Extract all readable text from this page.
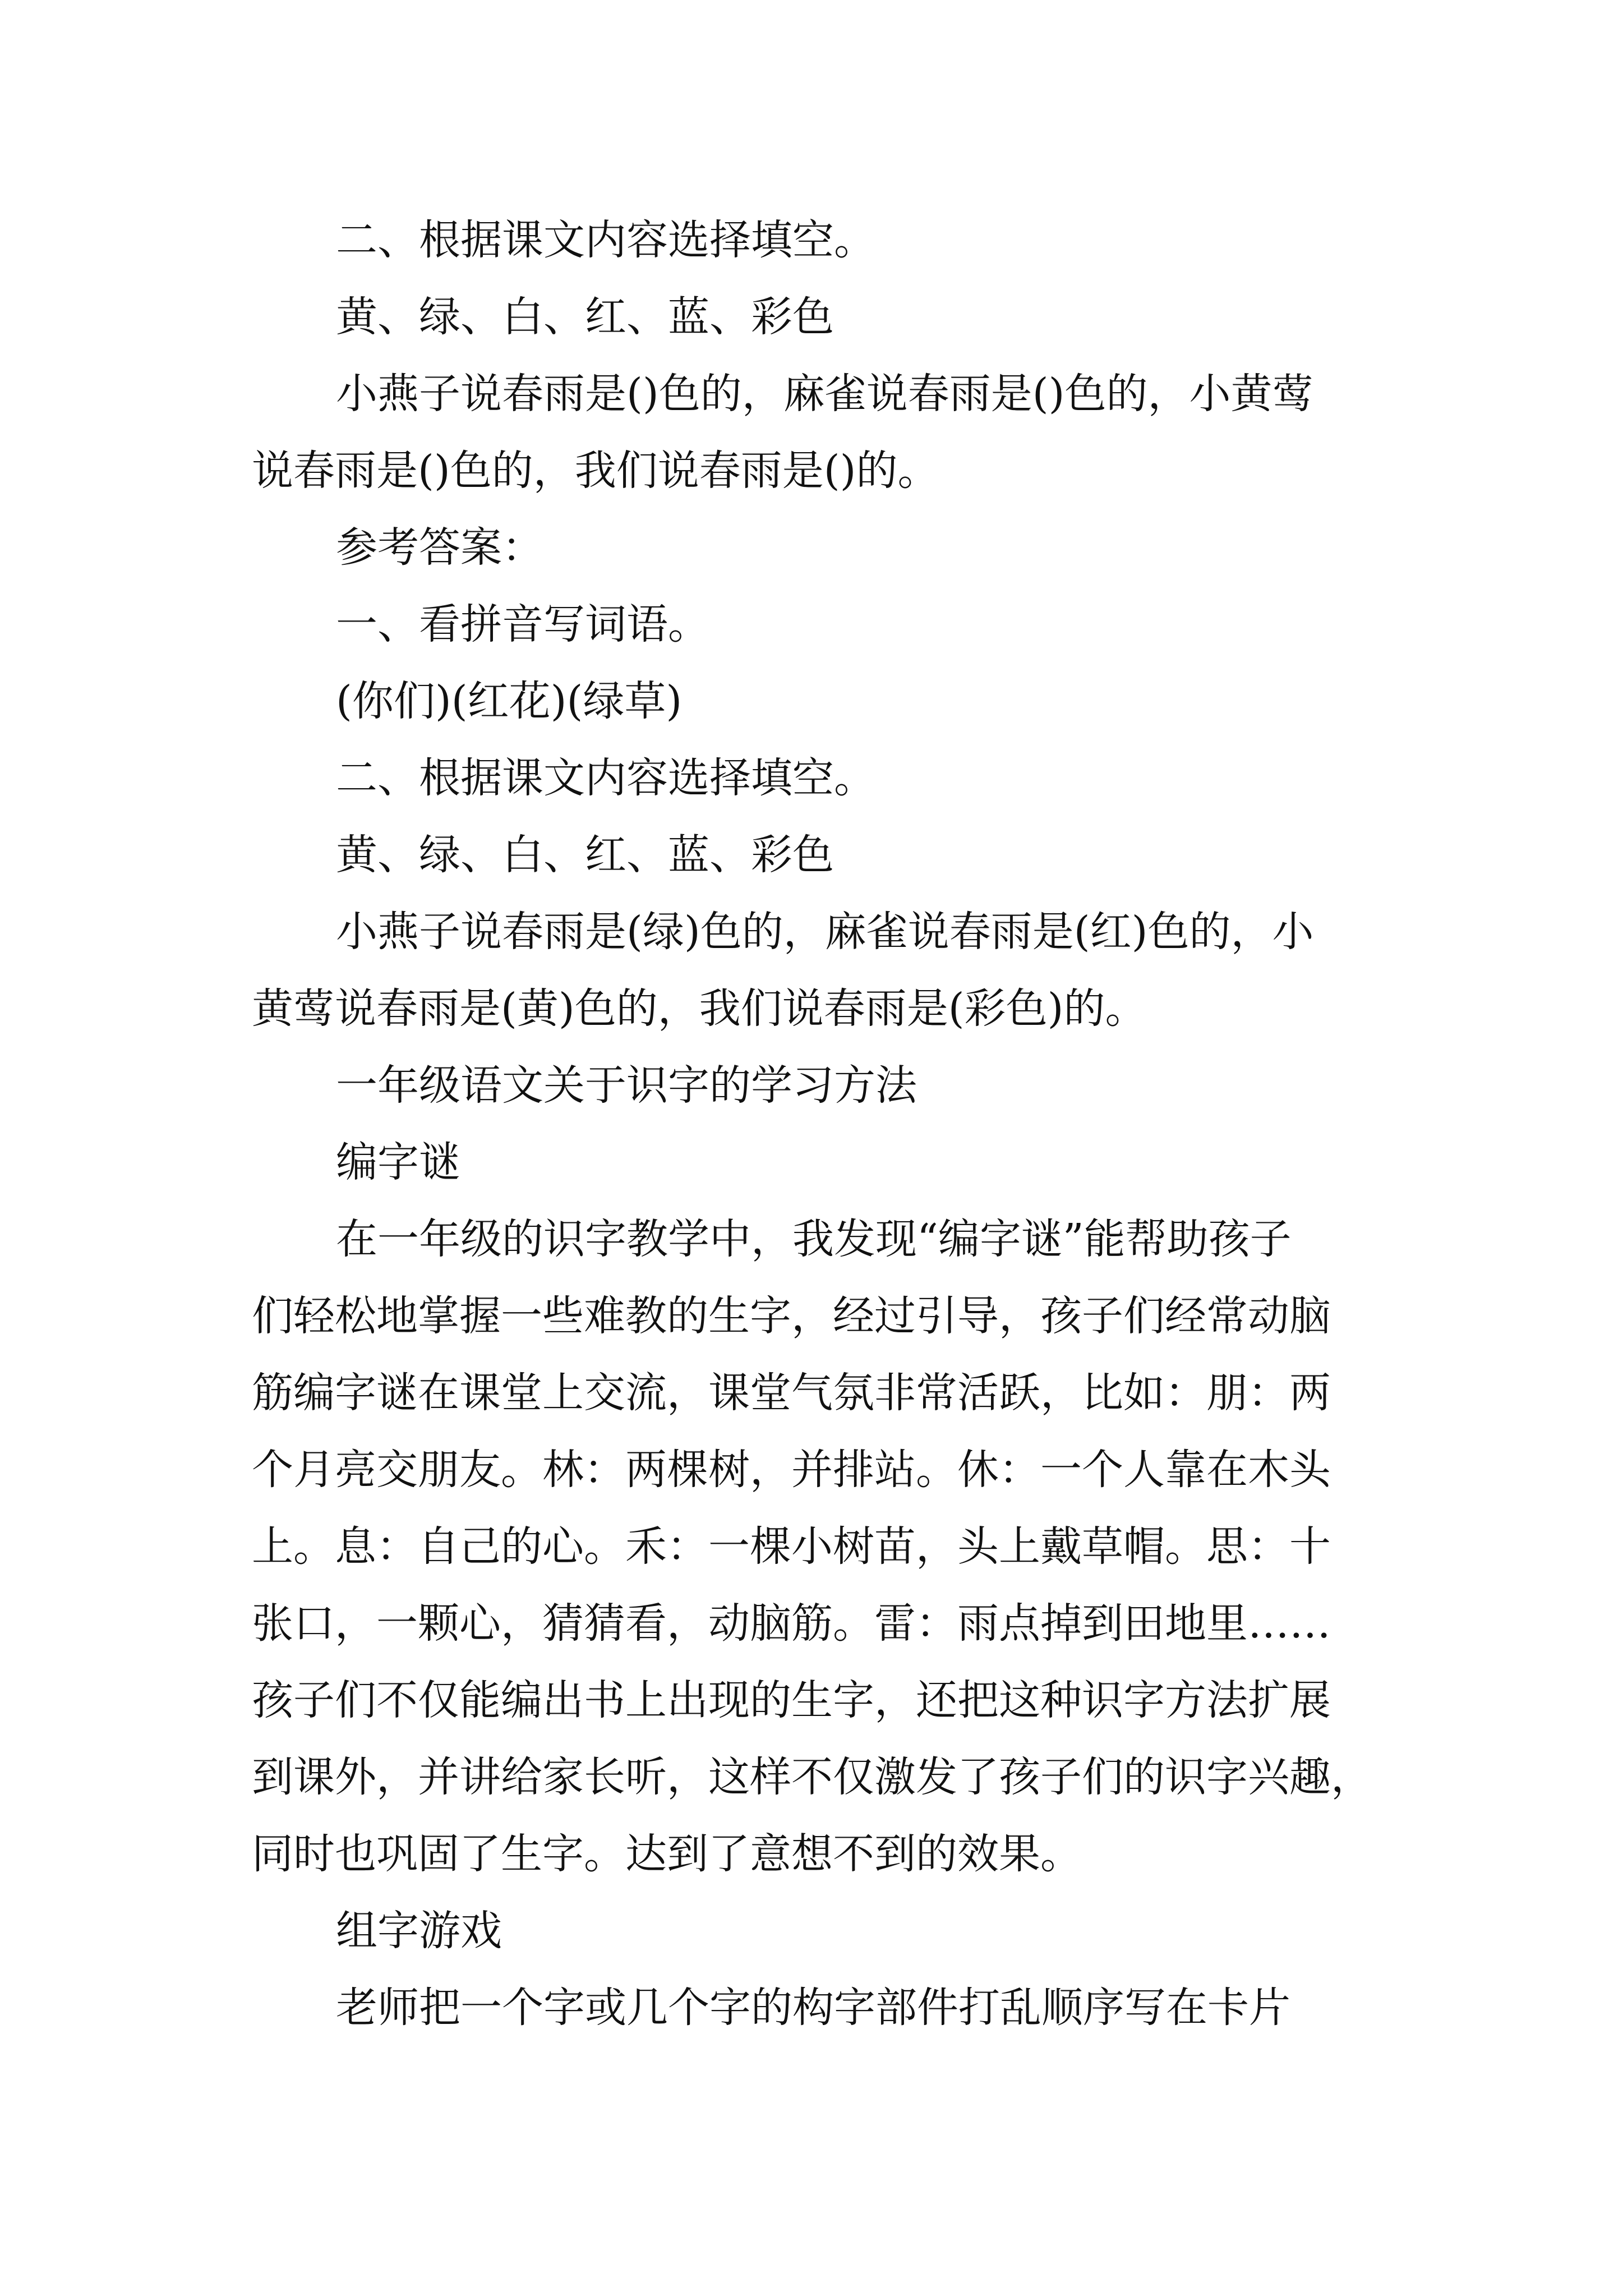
二、根据课文内容选择填空。

黄、绿、白、红、蓝、彩色

小燕子说春雨是()色的，麻雀说春雨是()色的，小黄莺

说春雨是()色的，我们说春雨是()的。

参考答案：

一、看拼音写词语。

(你们)(红花)(绿草)

二、根据课文内容选择填空。

黄、绿、白、红、蓝、彩色

小燕子说春雨是(绿)色的，麻雀说春雨是(红)色的，小

黄莺说春雨是(黄)色的，我们说春雨是(彩色)的。

一年级语文关于识字的学习方法

编字谜

在一年级的识字教学中，我发现“编字谜”能帮助孩子

们轻松地掌握一些难教的生字，经过引导，孩子们经常动脑

筋编字谜在课堂上交流，课堂气氛非常活跃，比如：朋：两

个月亮交朋友。林：两棵树，并排站。休：一个人靠在木头

上。息：自己的心。禾：一棵小树苗，头上戴草帽。思：十

张口，一颗心，猜猜看，动脑筋。雷：雨点掉到田地里……

孩子们不仅能编出书上出现的生字，还把这种识字方法扩展

到课外，并讲给家长听，这样不仅激发了孩子们的识字兴趣，

同时也巩固了生字。达到了意想不到的效果。

组字游戏

老师把一个字或几个字的构字部件打乱顺序写在卡片
